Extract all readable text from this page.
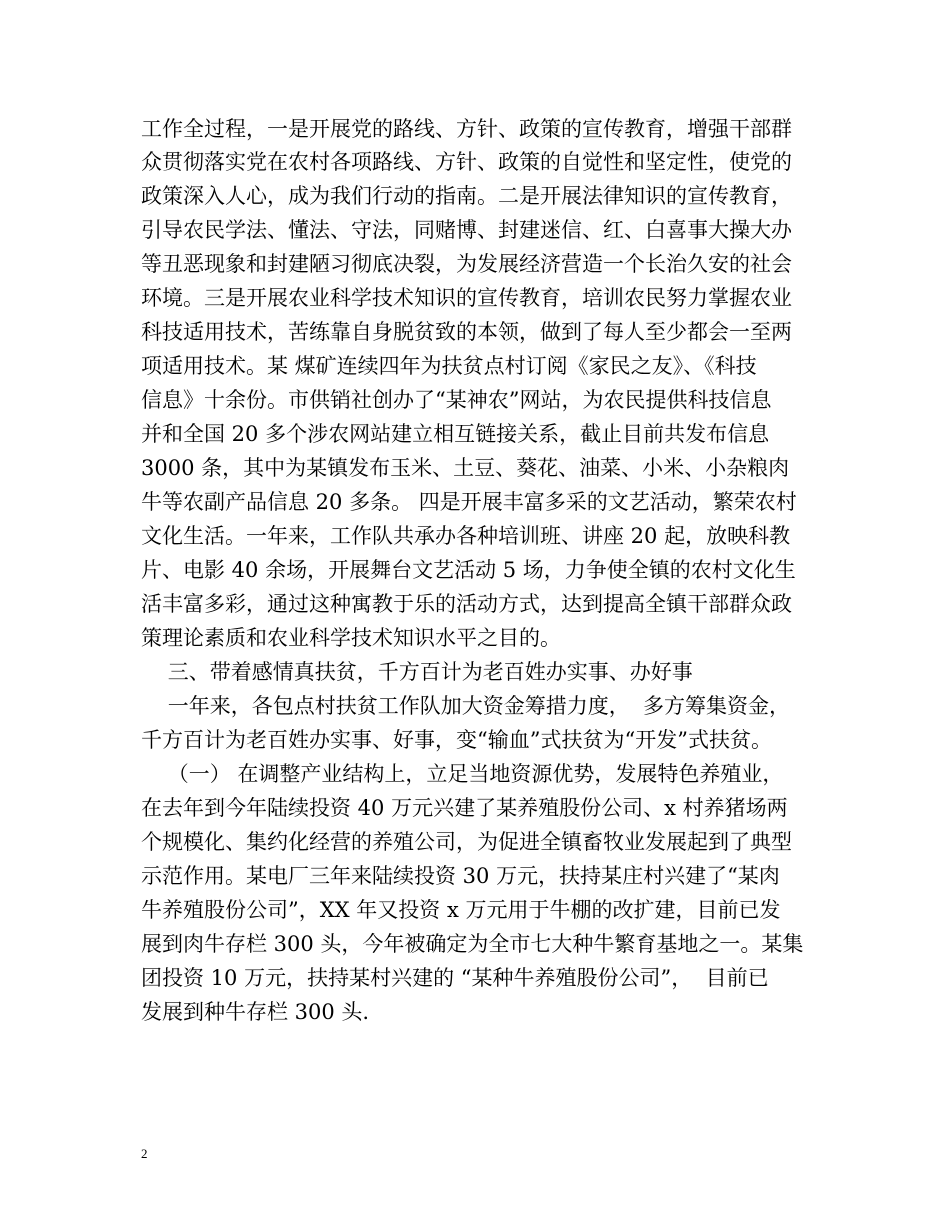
工作全过程，一是开展党的路线、方针、政策的宣传教育，增强干部群
众贯彻落实党在农村各项路线、方针、政策的自觉性和坚定性，使党的
政策深入人心，成为我们行动的指南。二是开展法律知识的宣传教育，
引导农民学法、懂法、守法，同赌博、封建迷信、红、白喜事大操大办
等丑恶现象和封建陋习彻底决裂，为发展经济营造一个长治久安的社会
环境。三是开展农业科学技术知识的宣传教育，培训农民努力掌握农业
科技适用技术，苦练靠自身脱贫致的本领，做到了每人至少都会一至两
项适用技术。某 煤矿连续四年为扶贫点村订阅《家民之友》、《科技
信息》十余份。市供销社创办了“某神农”网站，为农民提供科技信息
并和全国 20 多个涉农网站建立相互链接关系，截止目前共发布信息
3000 条，其中为某镇发布玉米、土豆、葵花、油菜、小米、小杂粮肉
牛等农副产品信息 20 多条。 四是开展丰富多采的文艺活动，繁荣农村
文化生活。一年来，工作队共承办各种培训班、讲座 20 起，放映科教
片、电影 40 余场，开展舞台文艺活动 5 场，力争使全镇的农村文化生
活丰富多彩，通过这种寓教于乐的活动方式，达到提高全镇干部群众政
策理论素质和农业科学技术知识水平之目的。
三、带着感情真扶贫，千方百计为老百姓办实事、办好事
一年来，各包点村扶贫工作队加大资金筹措力度，  多方筹集资金，
千方百计为老百姓办实事、好事，变“输血”式扶贫为“开发”式扶贫。
（一） 在调整产业结构上，立足当地资源优势，发展特色养殖业，
在去年到今年陆续投资 40 万元兴建了某养殖股份公司、x 村养猪场两
个规模化、集约化经营的养殖公司，为促进全镇畜牧业发展起到了典型
示范作用。某电厂三年来陆续投资 30 万元，扶持某庄村兴建了“某肉
牛养殖股份公司”，XX 年又投资 x 万元用于牛棚的改扩建，目前已发
展到肉牛存栏 300 头，今年被确定为全市七大种牛繁育基地之一。某集
团投资 10 万元，扶持某村兴建的 “某种牛养殖股份公司”，  目前已
发展到种牛存栏 300 头.
2
